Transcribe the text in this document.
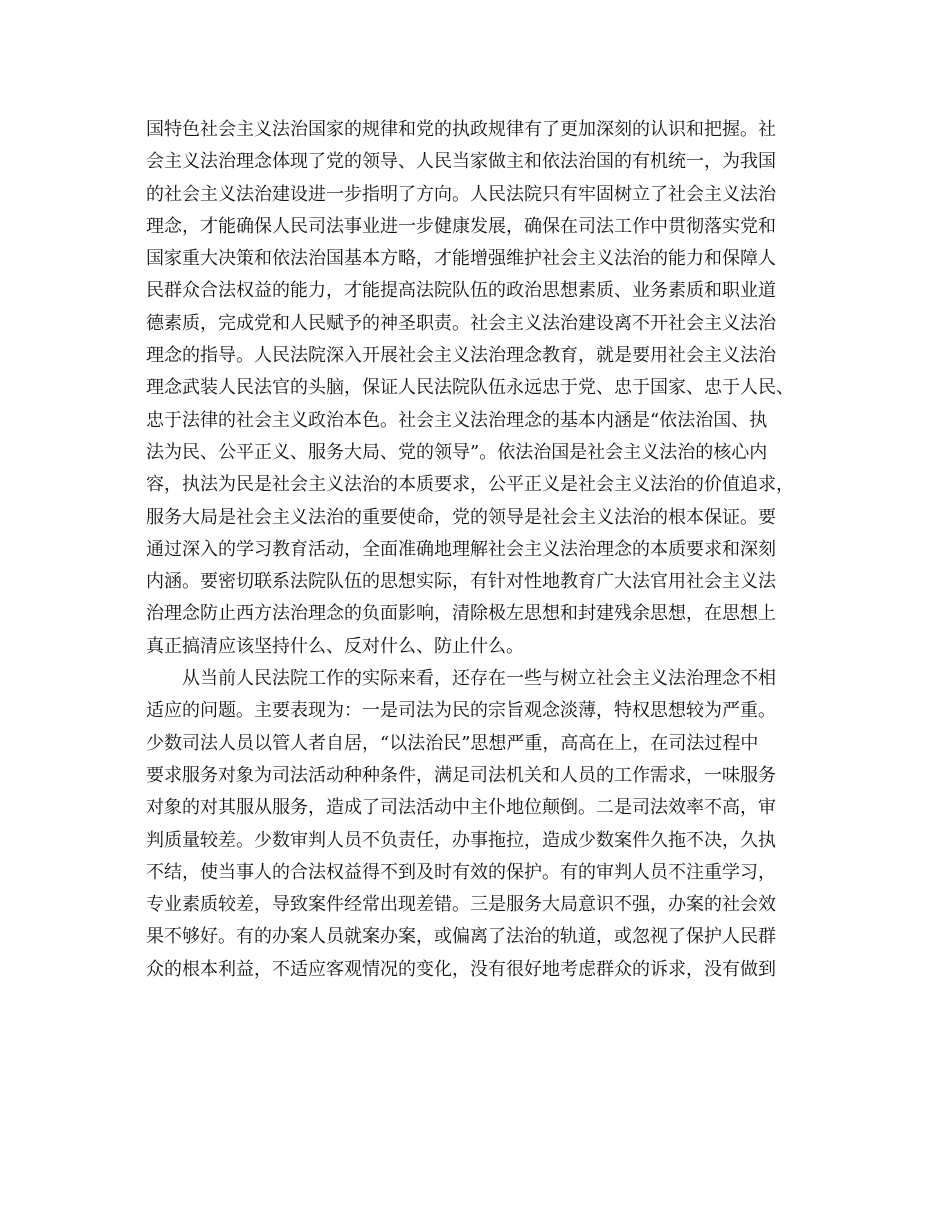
国特色社会主义法治国家的规律和党的执政规律有了更加深刻的认识和把握。社
会主义法治理念体现了党的领导、人民当家做主和依法治国的有机统一，为我国
的社会主义法治建设进一步指明了方向。人民法院只有牢固树立了社会主义法治
理念，才能确保人民司法事业进一步健康发展，确保在司法工作中贯彻落实党和
国家重大决策和依法治国基本方略，才能增强维护社会主义法治的能力和保障人
民群众合法权益的能力，才能提高法院队伍的政治思想素质、业务素质和职业道
德素质，完成党和人民赋予的神圣职责。社会主义法治建设离不开社会主义法治
理念的指导。人民法院深入开展社会主义法治理念教育，就是要用社会主义法治
理念武装人民法官的头脑，保证人民法院队伍永远忠于党、忠于国家、忠于人民、
忠于法律的社会主义政治本色。社会主义法治理念的基本内涵是“依法治国、执
法为民、公平正义、服务大局、党的领导”。依法治国是社会主义法治的核心内
容，执法为民是社会主义法治的本质要求，公平正义是社会主义法治的价值追求，
服务大局是社会主义法治的重要使命，党的领导是社会主义法治的根本保证。要
通过深入的学习教育活动，全面准确地理解社会主义法治理念的本质要求和深刻
内涵。要密切联系法院队伍的思想实际，有针对性地教育广大法官用社会主义法
治理念防止西方法治理念的负面影响，清除极左思想和封建残余思想，在思想上
真正搞清应该坚持什么、反对什么、防止什么。
从当前人民法院工作的实际来看，还存在一些与树立社会主义法治理念不相
适应的问题。主要表现为：一是司法为民的宗旨观念淡薄，特权思想较为严重。
少数司法人员以管人者自居，“以法治民”思想严重，高高在上，在司法过程中
要求服务对象为司法活动种种条件，满足司法机关和人员的工作需求，一味服务
对象的对其服从服务，造成了司法活动中主仆地位颠倒。二是司法效率不高，审
判质量较差。少数审判人员不负责任，办事拖拉，造成少数案件久拖不决，久执
不结，使当事人的合法权益得不到及时有效的保护。有的审判人员不注重学习，
专业素质较差，导致案件经常出现差错。三是服务大局意识不强，办案的社会效
果不够好。有的办案人员就案办案，或偏离了法治的轨道，或忽视了保护人民群
众的根本利益，不适应客观情况的变化，没有很好地考虑群众的诉求，没有做到
